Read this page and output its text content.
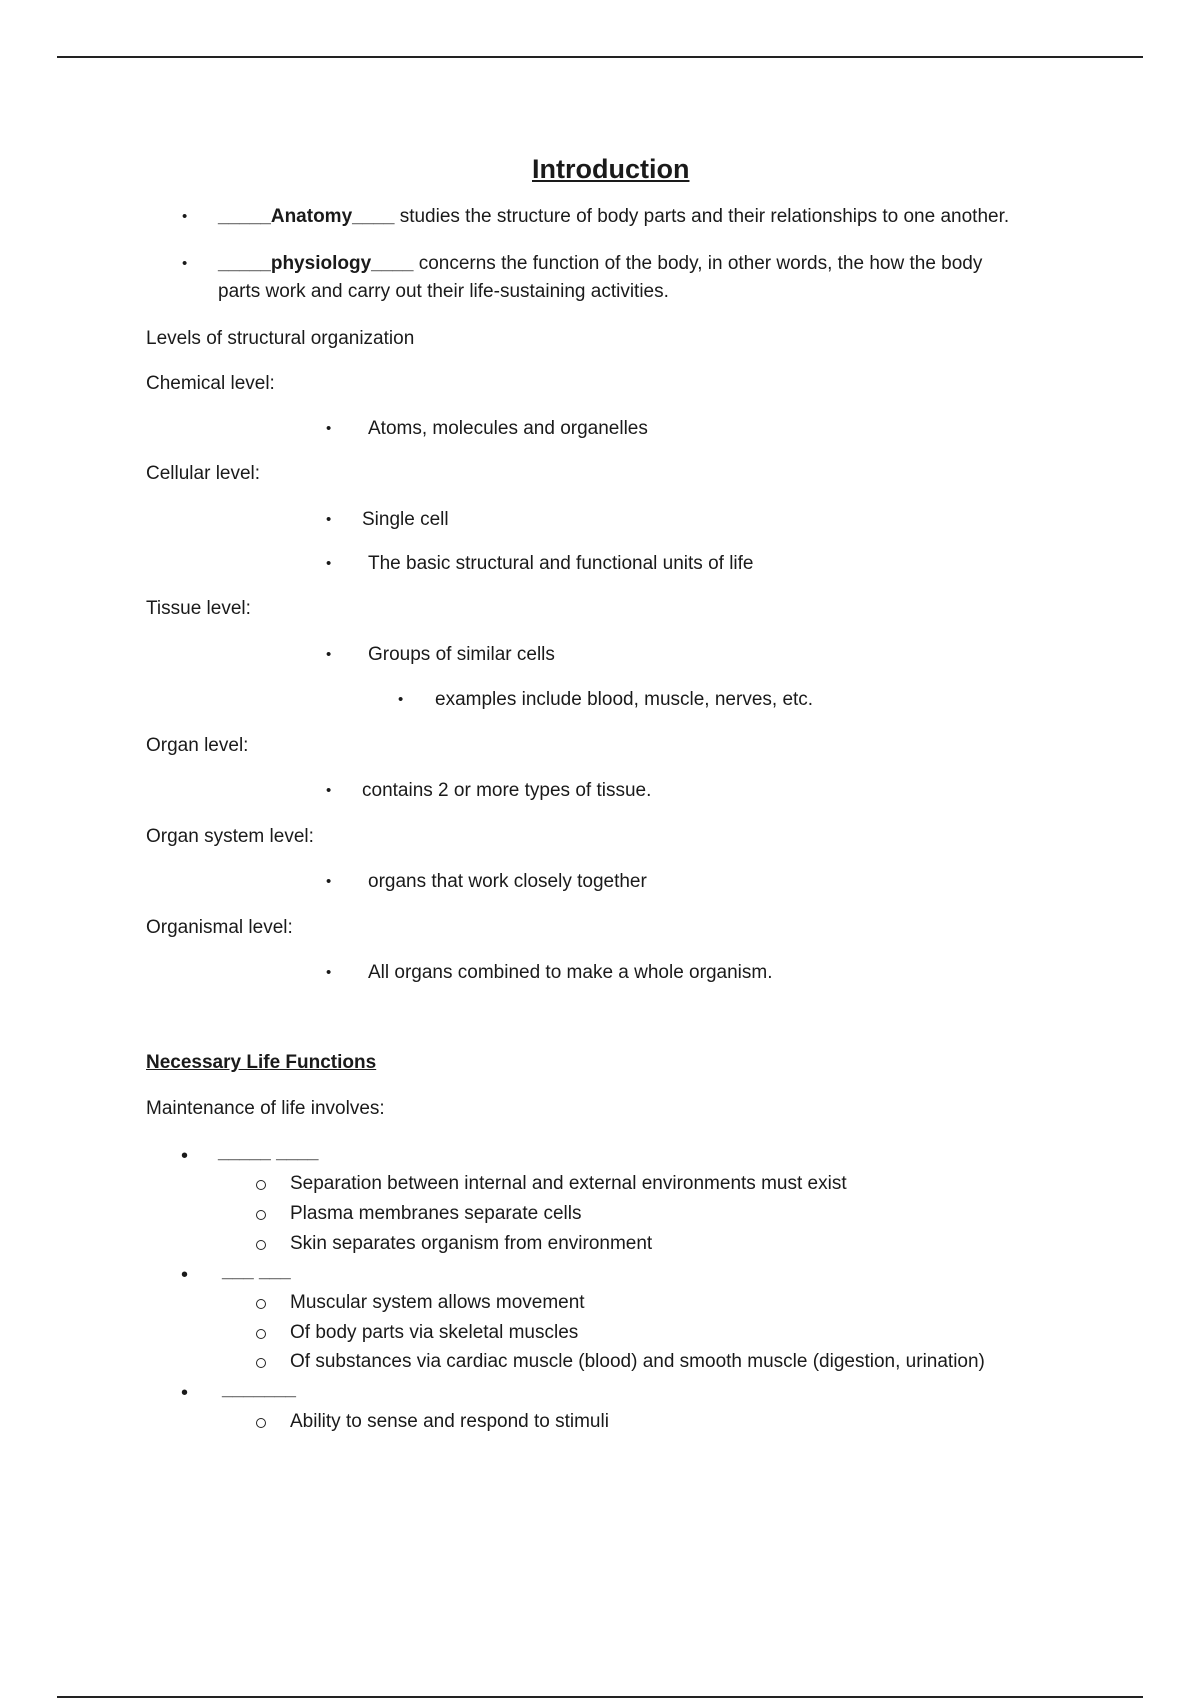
Introduction
• _____Anatomy____ studies the structure of body parts and their relationships to one another.
• _____physiology____ concerns the function of the body, in other words, the how the body
parts work and carry out their life-sustaining activities.
Levels of structural organization
Chemical level:
• Atoms, molecules and organelles
Cellular level:
• Single cell
• The basic structural and functional units of life
Tissue level:
• Groups of similar cells
• examples include blood, muscle, nerves, etc.
Organ level:
• contains 2 or more types of tissue.
Organ system level:
• organs that work closely together
Organismal level:
• All organs combined to make a whole organism.
Necessary Life Functions
Maintenance of life involves:
• _____ ____
Separation between internal and external environments must exist
Plasma membranes separate cells
Skin separates organism from environment
• ___ ___
Muscular system allows movement
Of body parts via skeletal muscles
Of substances via cardiac muscle (blood) and smooth muscle (digestion, urination)
• _______
Ability to sense and respond to stimuli
